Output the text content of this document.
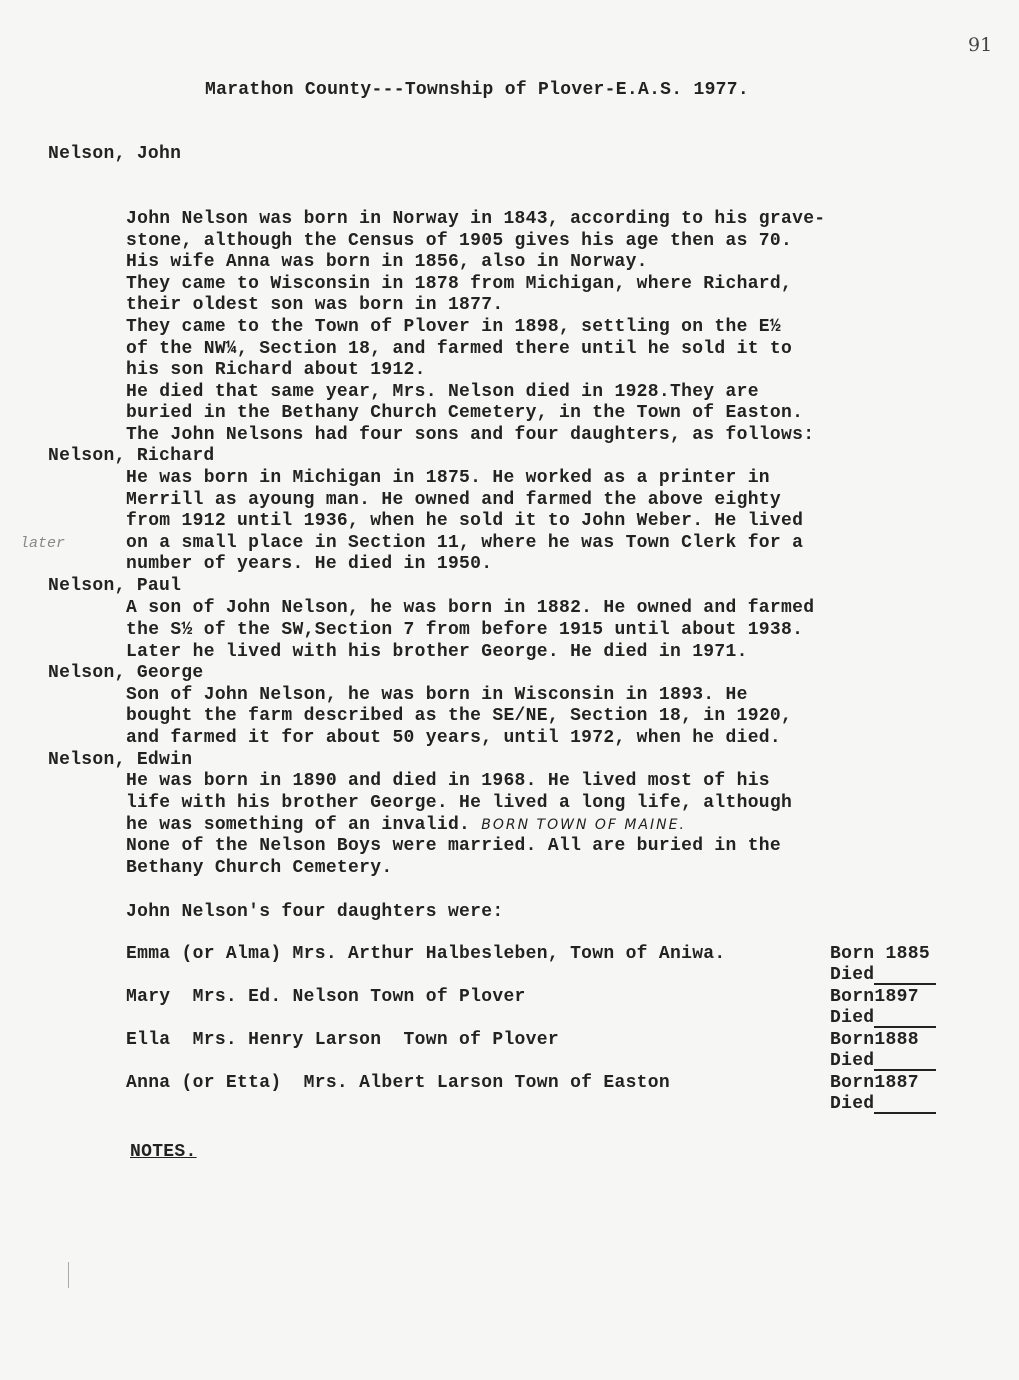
91
Marathon County---Township of Plover-E.A.S. 1977.
Nelson, John
John Nelson was born in Norway in 1843, according to his grave-
stone, although the Census of 1905 gives his age then as 70.
His wife Anna was born in 1856, also in Norway.
They came to Wisconsin in 1878 from Michigan, where Richard,
their oldest son was born in 1877.
They came to the Town of Plover in 1898, settling on the E½
of the NW¼, Section 18, and farmed there until he sold it to
his son Richard about 1912.
He died that same year, Mrs. Nelson died in 1928.They are
buried in the Bethany Church Cemetery, in the Town of Easton.
The John Nelsons had four sons and four daughters, as follows:
Nelson, Richard
He was born in Michigan in 1875. He worked as a printer in
Merrill as ayoung man. He owned and farmed the above eighty
from 1912 until 1936, when he sold it to John Weber. He lived
later	on a small place in Section 11, where he was Town Clerk for a
number of years. He died in 1950.
Nelson, Paul
A son of John Nelson, he was born in 1882. He owned and farmed
the S½ of the SW,Section 7 from before 1915 until about 1938.
Later he lived with his brother George. He died in 1971.
Nelson, George
Son of John Nelson, he was born in Wisconsin in 1893. He
bought the farm described as the SE/NE, Section 18, in 1920,
and farmed it for about 50 years, until 1972, when he died.
Nelson, Edwin
He was born in 1890 and died in 1968. He lived most of his
life with his brother George. He lived a long life, although
he was something of an invalid. BORN TOWN OF MAINE.
None of the Nelson Boys were married. All are buried in the
Bethany Church Cemetery.
John Nelson's four daughters were:
Emma (or Alma) Mrs. Arthur Halbesleben, Town of Aniwa.	Born 1885
Died
Mary  Mrs. Ed. Nelson Town of Plover	Born1897
Died
Ella  Mrs. Henry Larson  Town of Plover	Born1888
Died
Anna (or Etta)  Mrs. Albert Larson Town of Easton	Born1887
Died
NOTES.
